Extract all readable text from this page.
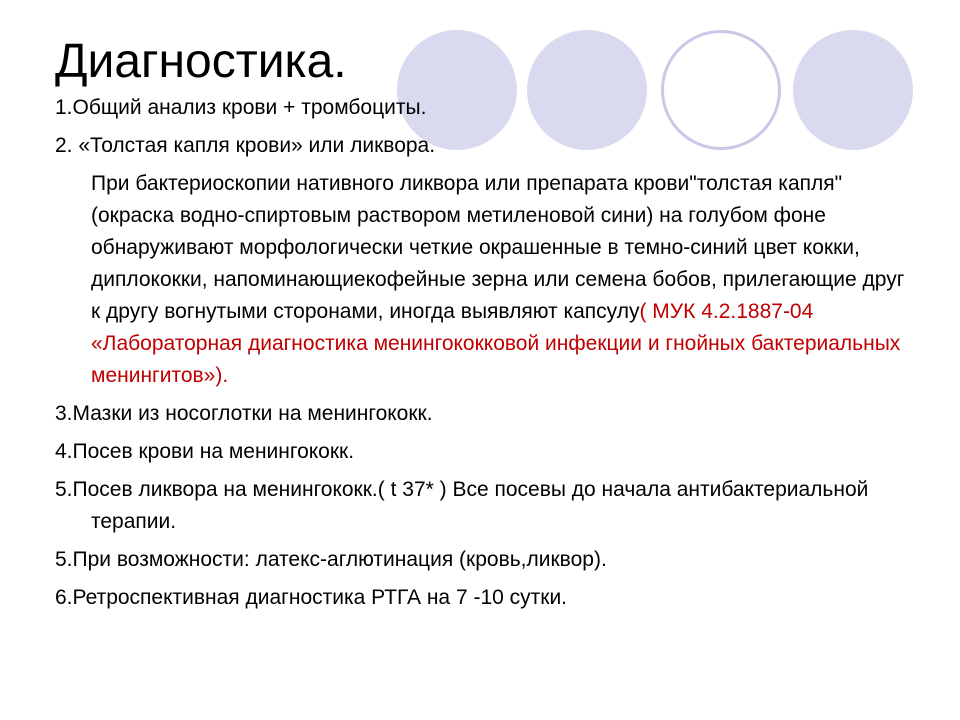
Диагностика.

1.Общий анализ крови + тромбоциты.

2. «Толстая капля крови» или ликвора.

При бактериоскопии нативного ликвора или препарата крови"толстая капля" (окраска водно-спиртовым раствором метиленовой сини) на голубом фоне обнаруживают морфологически четкие окрашенные в темно-синий цвет кокки, диплококки, напоминающиекофейные зерна или семена бобов, прилегающие друг к другу вогнутыми сторонами, иногда выявляют капсулу( МУК 4.2.1887-04 «Лабораторная диагностика менингококковой инфекции и гнойных бактериальных менингитов»).

3.Мазки из носоглотки на менингококк.

4.Посев крови на менингококк.

5.Посев ликвора на менингококк.( t 37* ) Все посевы до начала антибактериальной терапии.

5.При возможности: латекс-аглютинация (кровь,ликвор).

6.Ретроспективная диагностика РТГА на 7 -10 сутки.
